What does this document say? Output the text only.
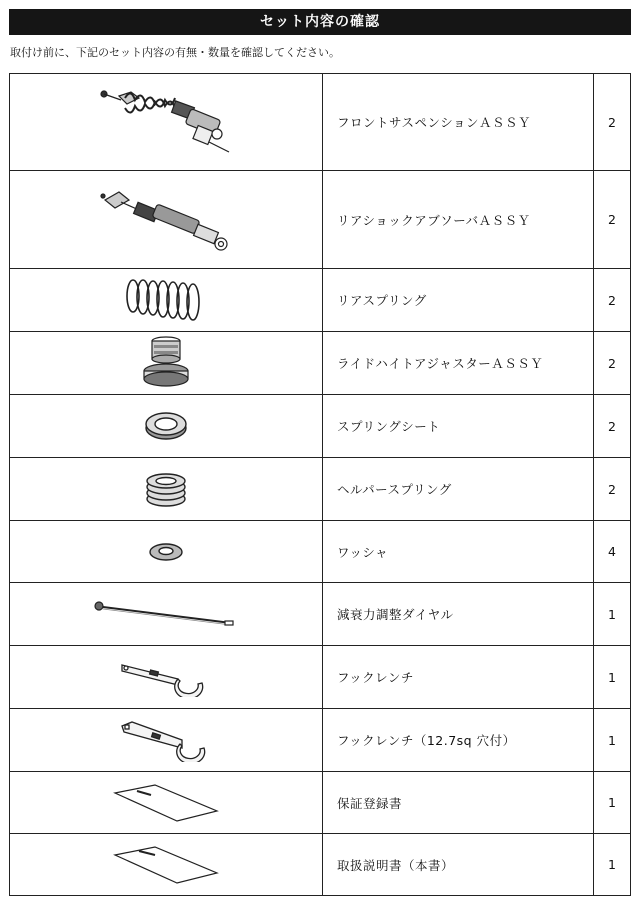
セット内容の確認
取付け前に、下記のセット内容の有無・数量を確認してください。
	フロントサスペンションＡＳＳＹ	2

	リアショックアブソーバＡＳＳＹ	2

	リアスプリング	2

	ライドハイトアジャスターＡＳＳＹ	2

	スプリングシート	2

	ヘルパースプリング	2

	ワッシャ	4

	減衰力調整ダイヤル	1

	フックレンチ	1

	フックレンチ（12.7sq 穴付）	1

	保証登録書	1

	取扱説明書（本書）	1
